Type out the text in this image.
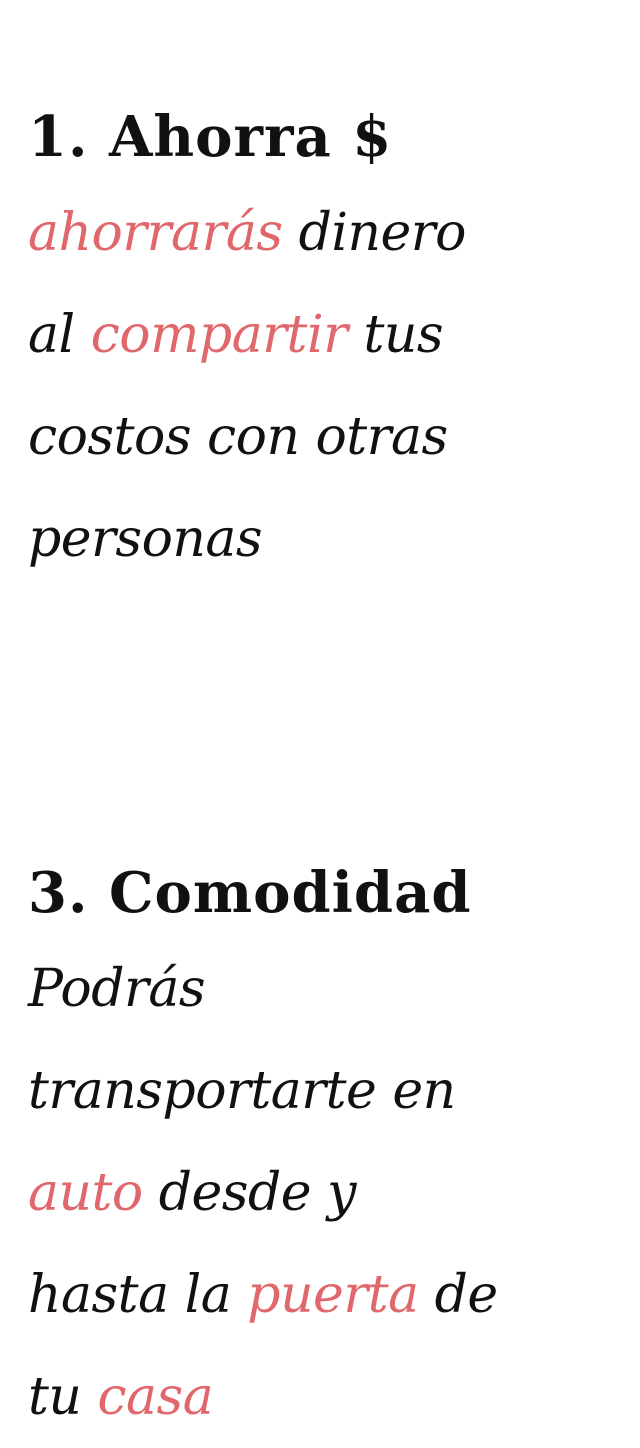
1. Ahorra $
ahorrarás dinero
al compartir tus
costos con otras
personas
3. Comodidad
Podrás
transportarte en
auto desde y
hasta la puerta de
tu casa
